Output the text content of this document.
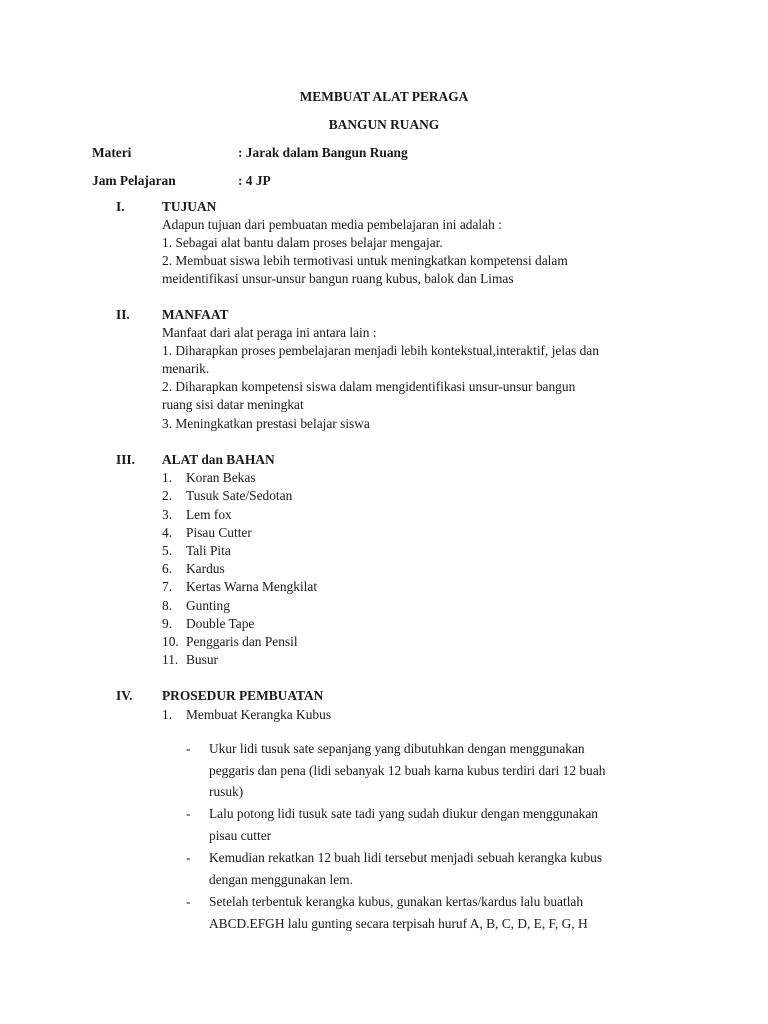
MEMBUAT ALAT PERAGA
BANGUN RUANG
Materi	: Jarak dalam Bangun Ruang
Jam Pelajaran	: 4 JP
I.	TUJUAN
Adapun tujuan dari pembuatan media pembelajaran ini adalah :
1. Sebagai alat bantu dalam proses belajar mengajar.
2. Membuat siswa lebih termotivasi untuk meningkatkan kompetensi dalam
meidentifikasi unsur-unsur bangun ruang kubus, balok dan Limas
II. MANFAAT
Manfaat dari alat peraga ini antara lain :
1. Diharapkan proses pembelajaran menjadi lebih kontekstual,interaktif, jelas dan
menarik.
2. Diharapkan kompetensi siswa dalam mengidentifikasi unsur-unsur bangun
ruang sisi datar meningkat
3. Meningkatkan prestasi belajar siswa
III. ALAT dan BAHAN
1. Koran Bekas
2. Tusuk Sate/Sedotan
3. Lem fox
4. Pisau Cutter
5. Tali Pita
6. Kardus
7. Kertas Warna Mengkilat
8. Gunting
9. Double Tape
10. Penggaris dan Pensil
11. Busur
IV. PROSEDUR PEMBUATAN
1. Membuat Kerangka Kubus
- Ukur lidi tusuk sate sepanjang yang dibutuhkan dengan menggunakan
peggaris dan pena (lidi sebanyak 12 buah karna kubus terdiri dari 12 buah
rusuk)
- Lalu potong lidi tusuk sate tadi yang sudah diukur dengan menggunakan
pisau cutter
- Kemudian rekatkan 12 buah lidi tersebut menjadi sebuah kerangka kubus
dengan menggunakan lem.
- Setelah terbentuk kerangka kubus, gunakan kertas/kardus lalu buatlah
ABCD.EFGH lalu gunting secara terpisah huruf A, B, C, D, E, F, G, H
